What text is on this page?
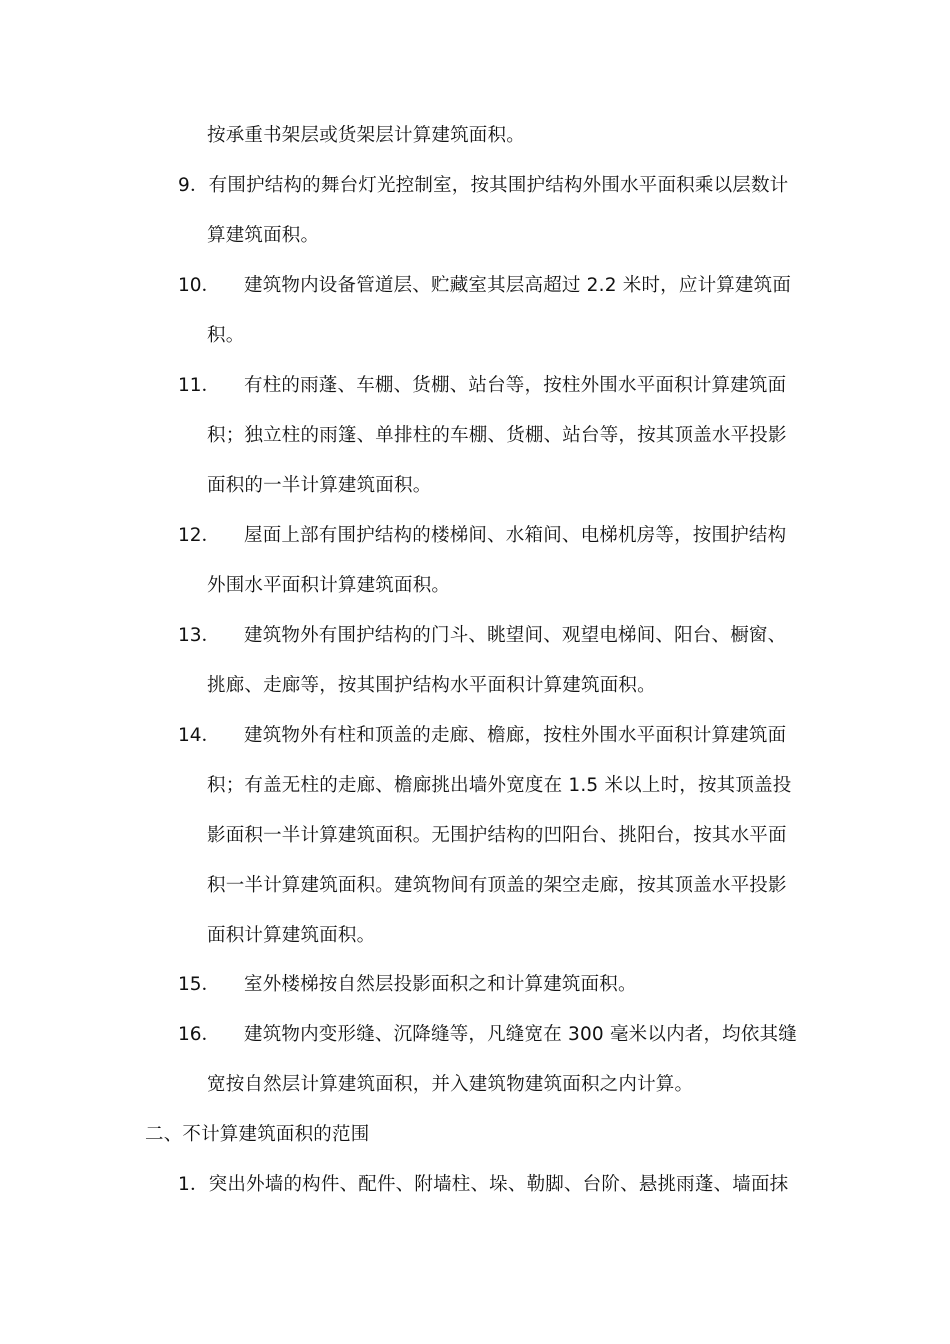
按承重书架层或货架层计算建筑面积。
9．有围护结构的舞台灯光控制室，按其围护结构外围水平面积乘以层数计
算建筑面积。
10． 建筑物内设备管道层、贮藏室其层高超过 2.2 米时，应计算建筑面
积。
11． 有柱的雨蓬、车棚、货棚、站台等，按柱外围水平面积计算建筑面
积；独立柱的雨篷、单排柱的车棚、货棚、站台等，按其顶盖水平投影
面积的一半计算建筑面积。
12． 屋面上部有围护结构的楼梯间、水箱间、电梯机房等，按围护结构
外围水平面积计算建筑面积。
13． 建筑物外有围护结构的门斗、眺望间、观望电梯间、阳台、橱窗、
挑廊、走廊等，按其围护结构水平面积计算建筑面积。
14． 建筑物外有柱和顶盖的走廊、檐廊，按柱外围水平面积计算建筑面
积；有盖无柱的走廊、檐廊挑出墙外宽度在 1.5 米以上时，按其顶盖投
影面积一半计算建筑面积。无围护结构的凹阳台、挑阳台，按其水平面
积一半计算建筑面积。建筑物间有顶盖的架空走廊，按其顶盖水平投影
面积计算建筑面积。
15． 室外楼梯按自然层投影面积之和计算建筑面积。
16． 建筑物内变形缝、沉降缝等，凡缝宽在 300 毫米以内者，均依其缝
宽按自然层计算建筑面积，并入建筑物建筑面积之内计算。
二、不计算建筑面积的范围
1．突出外墙的构件、配件、附墙柱、垛、勒脚、台阶、悬挑雨蓬、墙面抹
